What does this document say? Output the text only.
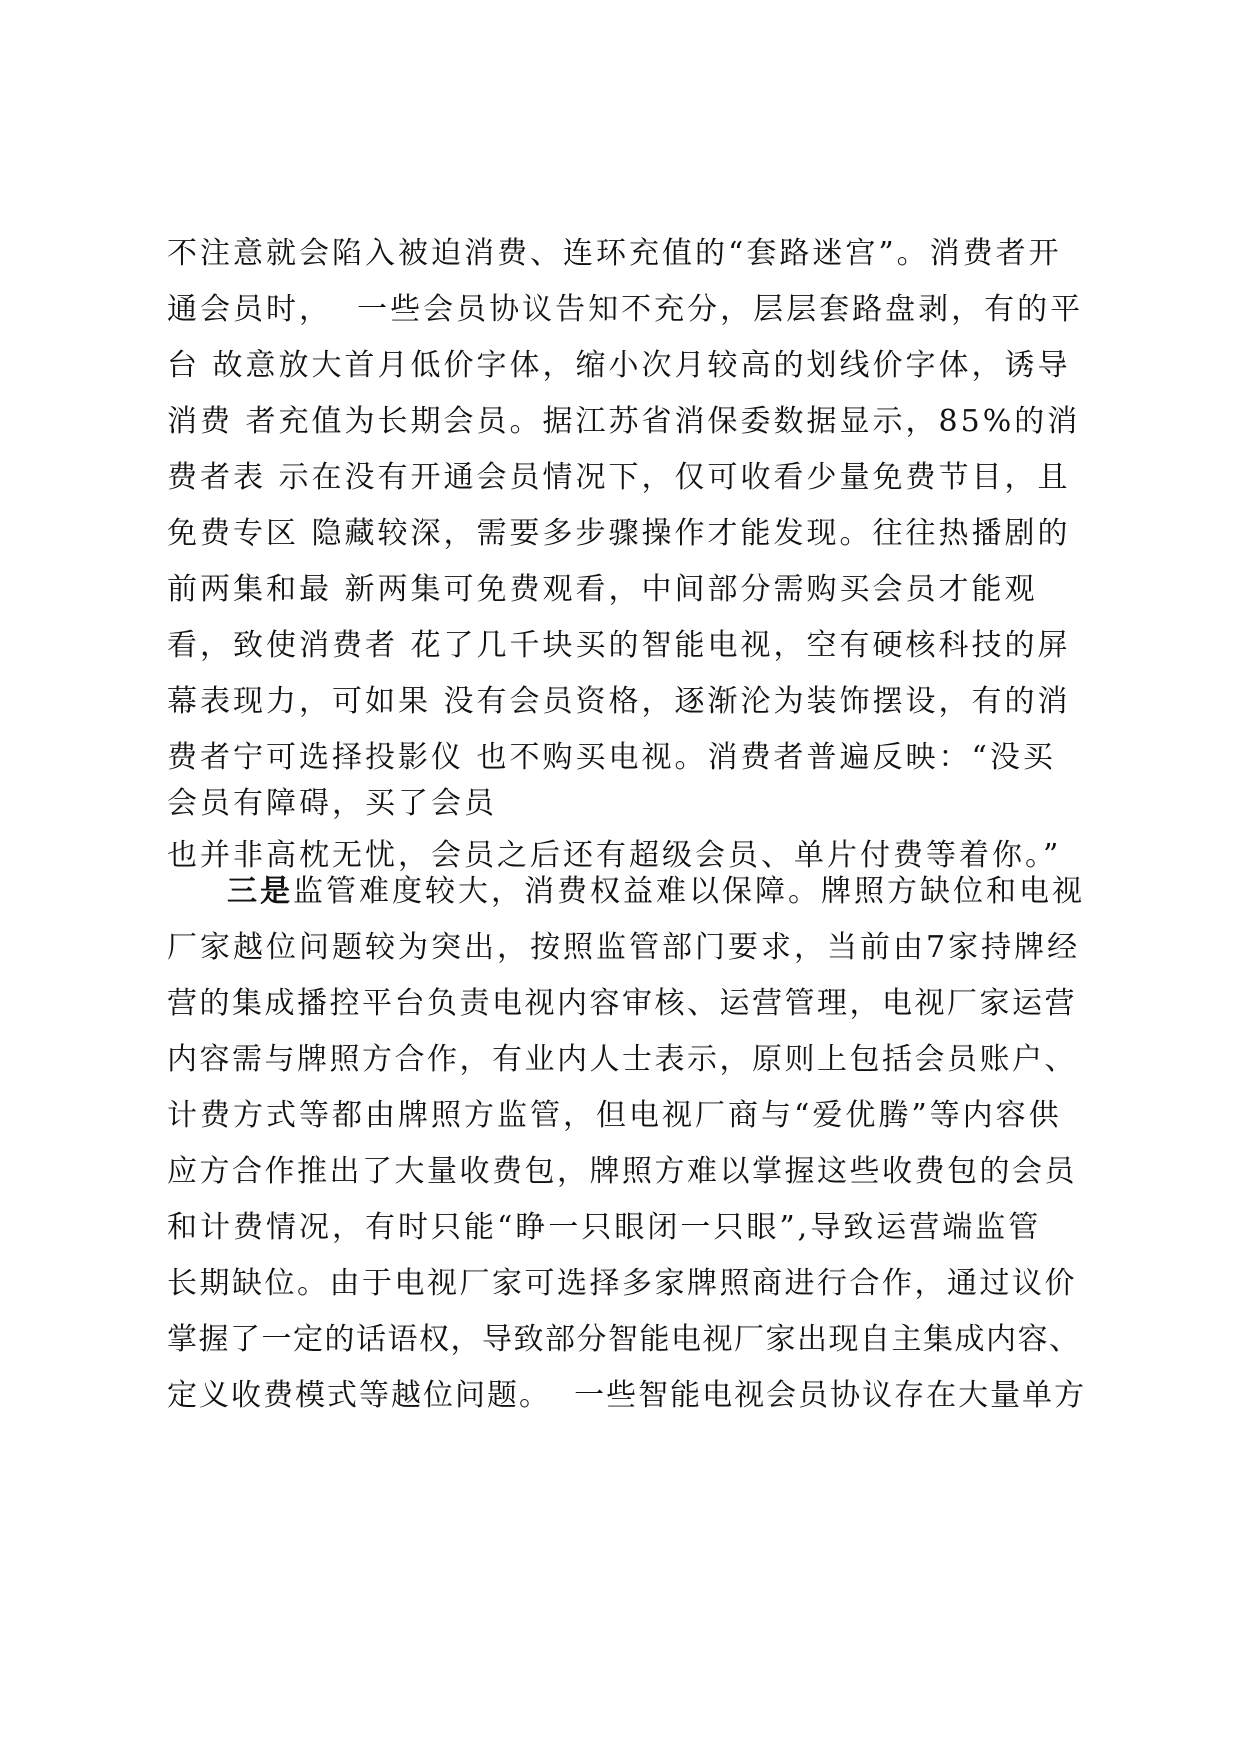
不注意就会陷入被迫消费、连环充值的“套路迷宫”。消费者开
通会员时，  一些会员协议告知不充分，层层套路盘剥，有的平
台 故意放大首月低价字体，缩小次月较高的划线价字体，诱导
消费 者充值为长期会员。据江苏省消保委数据显示，85%的消
费者表 示在没有开通会员情况下，仅可收看少量免费节目，且
免费专区 隐藏较深，需要多步骤操作才能发现。往往热播剧的
前两集和最 新两集可免费观看，中间部分需购买会员才能观
看，致使消费者 花了几千块买的智能电视，空有硬核科技的屏
幕表现力，可如果 没有会员资格，逐渐沦为装饰摆设，有的消
费者宁可选择投影仪 也不购买电视。消费者普遍反映：“没买
会员有障碍，买了会员
也并非高枕无忧，会员之后还有超级会员、单片付费等着你。”
三是监管难度较大，消费权益难以保障。牌照方缺位和电视
厂家越位问题较为突出，按照监管部门要求，当前由7家持牌经
营的集成播控平台负责电视内容审核、运营管理，电视厂家运营
内容需与牌照方合作，有业内人士表示，原则上包括会员账户、
计费方式等都由牌照方监管，但电视厂商与“爱优腾”等内容供
应方合作推出了大量收费包，牌照方难以掌握这些收费包的会员
和计费情况，有时只能“睁一只眼闭一只眼”,导致运营端监管
长期缺位。由于电视厂家可选择多家牌照商进行合作，通过议价
掌握了一定的话语权，导致部分智能电视厂家出现自主集成内容、
定义收费模式等越位问题。  一些智能电视会员协议存在大量单方
